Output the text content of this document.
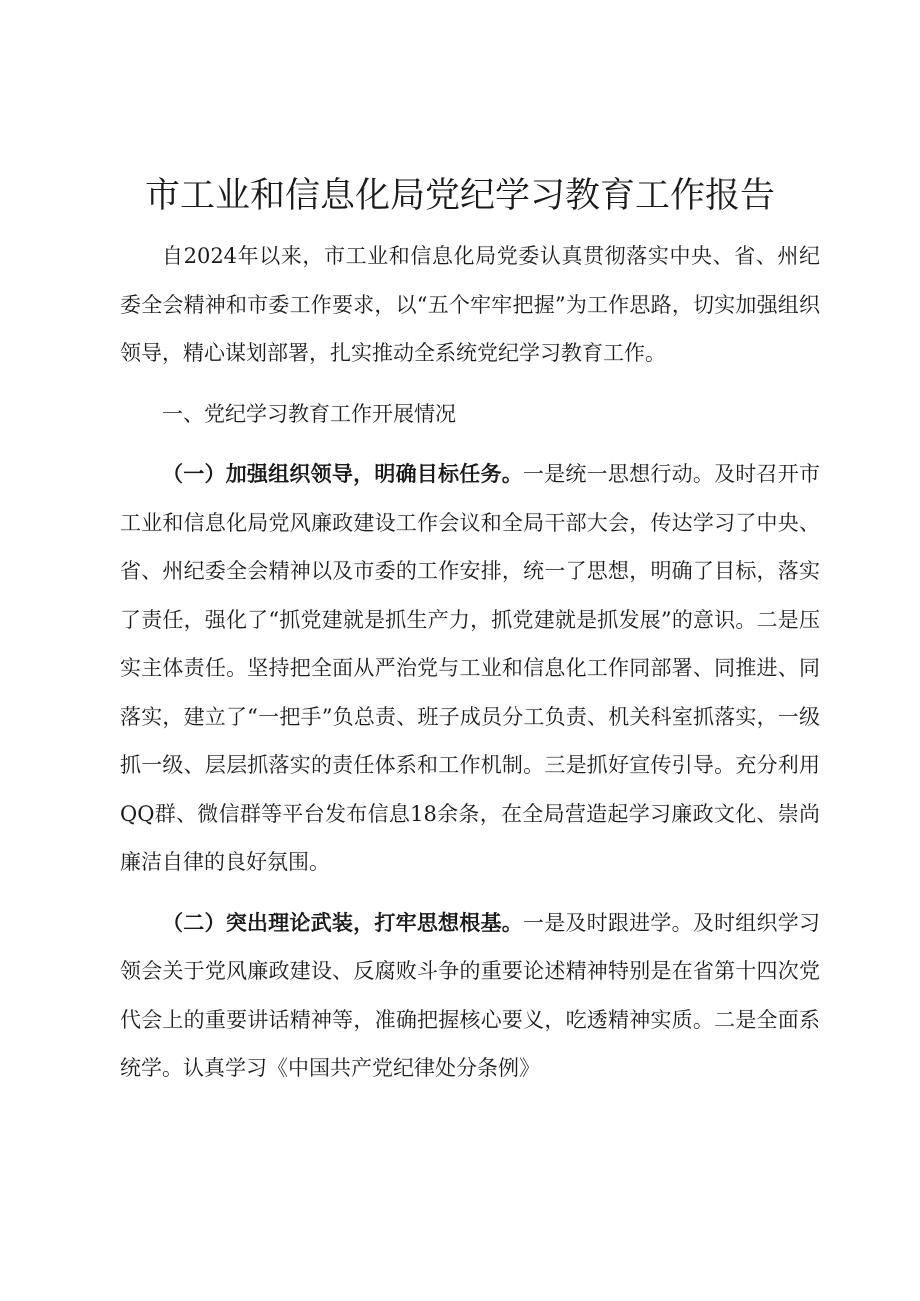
市工业和信息化局党纪学习教育工作报告

自2024年以来，市工业和信息化局党委认真贯彻落实中央、省、州纪委全会精神和市委工作要求，以“五个牢牢把握”为工作思路，切实加强组织领导，精心谋划部署，扎实推动全系统党纪学习教育工作。

一、党纪学习教育工作开展情况

（一）加强组织领导，明确目标任务。一是统一思想行动。及时召开市工业和信息化局党风廉政建设工作会议和全局干部大会，传达学习了中央、省、州纪委全会精神以及市委的工作安排，统一了思想，明确了目标，落实了责任，强化了“抓党建就是抓生产力，抓党建就是抓发展”的意识。二是压实主体责任。坚持把全面从严治党与工业和信息化工作同部署、同推进、同落实，建立了“一把手”负总责、班子成员分工负责、机关科室抓落实，一级抓一级、层层抓落实的责任体系和工作机制。三是抓好宣传引导。充分利用QQ群、微信群等平台发布信息18余条，在全局营造起学习廉政文化、崇尚廉洁自律的良好氛围。

（二）突出理论武装，打牢思想根基。一是及时跟进学。及时组织学习领会关于党风廉政建设、反腐败斗争的重要论述精神特别是在省第十四次党代会上的重要讲话精神等，准确把握核心要义，吃透精神实质。二是全面系统学。认真学习《中国共产党纪律处分条例》
